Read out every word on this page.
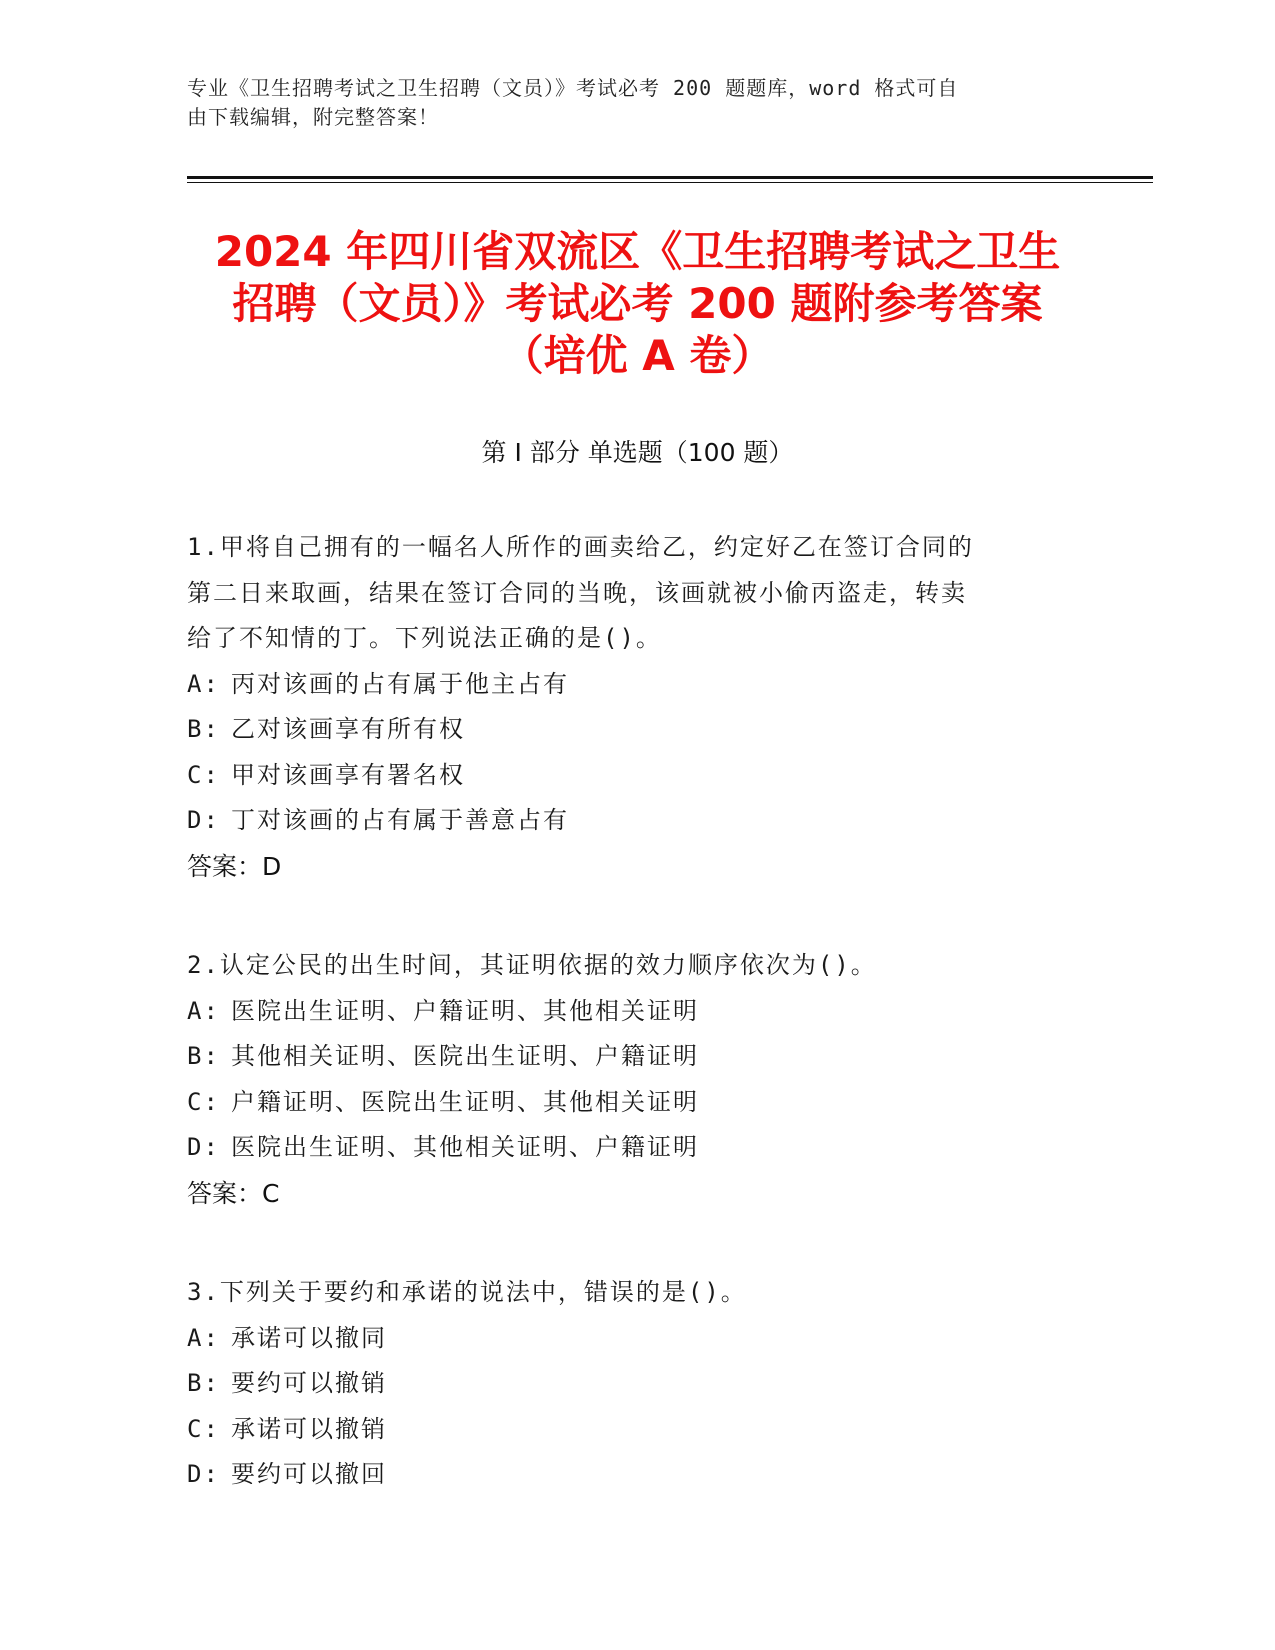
专业《卫生招聘考试之卫生招聘（文员）》考试必考 200 题题库，word 格式可自
由下载编辑，附完整答案！
2024 年四川省双流区《卫生招聘考试之卫生
招聘（文员）》考试必考 200 题附参考答案
（培优 A 卷）
第 I 部分 单选题（100 题）
1.甲将自己拥有的一幅名人所作的画卖给乙，约定好乙在签订合同的
第二日来取画，结果在签订合同的当晚，该画就被小偷丙盗走，转卖
给了不知情的丁。下列说法正确的是()。
A: 丙对该画的占有属于他主占有
B: 乙对该画享有所有权
C: 甲对该画享有署名权
D: 丁对该画的占有属于善意占有
答案：D
2.认定公民的出生时间，其证明依据的效力顺序依次为()。
A: 医院出生证明、户籍证明、其他相关证明
B: 其他相关证明、医院出生证明、户籍证明
C: 户籍证明、医院出生证明、其他相关证明
D: 医院出生证明、其他相关证明、户籍证明
答案：C
3.下列关于要约和承诺的说法中，错误的是()。
A: 承诺可以撤同
B: 要约可以撤销
C: 承诺可以撤销
D: 要约可以撤回
